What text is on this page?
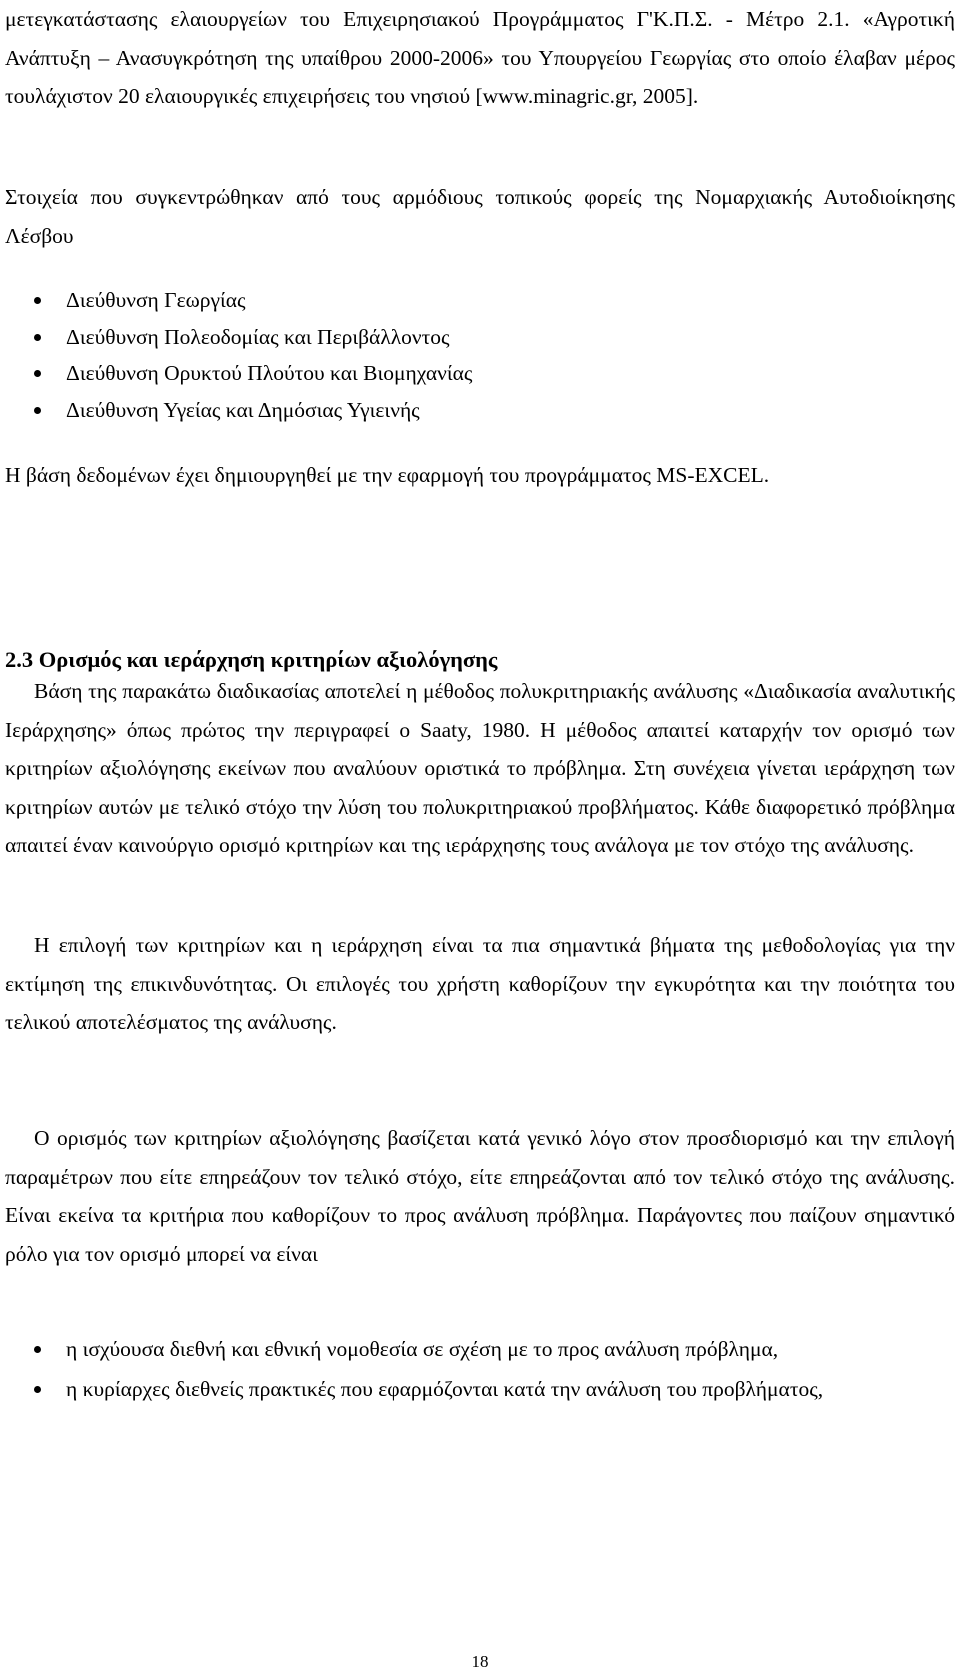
μετεγκατάστασης ελαιουργείων του Επιχειρησιακού Προγράμματος Γ'Κ.Π.Σ. - Μέτρο 2.1. «Αγροτική Ανάπτυξη – Ανασυγκρότηση της υπαίθρου 2000-2006» του Υπουργείου Γεωργίας στο οποίο έλαβαν μέρος τουλάχιστον 20 ελαιουργικές επιχειρήσεις του νησιού [www.minagric.gr, 2005].

Στοιχεία που συγκεντρώθηκαν από τους αρμόδιους τοπικούς φορείς της Νομαρχιακής Αυτοδιοίκησης Λέσβου

Διεύθυνση Γεωργίας
Διεύθυνση Πολεοδομίας και Περιβάλλοντος
Διεύθυνση Ορυκτού Πλούτου και Βιομηχανίας
Διεύθυνση Υγείας και Δημόσιας Υγιεινής

Η βάση δεδομένων έχει δημιουργηθεί με την εφαρμογή του προγράμματος MS-EXCEL.

2.3 Ορισμός και ιεράρχηση κριτηρίων αξιολόγησης

Βάση της παρακάτω διαδικασίας αποτελεί η μέθοδος πολυκριτηριακής ανάλυσης «Διαδικασία αναλυτικής Ιεράρχησης» όπως πρώτος την περιγραφεί ο Saaty, 1980. Η μέθοδος απαιτεί καταρχήν τον ορισμό των κριτηρίων αξιολόγησης εκείνων που αναλύουν οριστικά το πρόβλημα. Στη συνέχεια γίνεται ιεράρχηση των κριτηρίων αυτών με τελικό στόχο την λύση του πολυκριτηριακού προβλήματος. Κάθε διαφορετικό πρόβλημα απαιτεί έναν καινούργιο ορισμό κριτηρίων και της ιεράρχησης τους ανάλογα με τον στόχο της ανάλυσης.

Η επιλογή των κριτηρίων και η ιεράρχηση είναι τα πια σημαντικά βήματα της μεθοδολογίας για την εκτίμηση της επικινδυνότητας. Οι επιλογές του χρήστη καθορίζουν την εγκυρότητα και την ποιότητα του τελικού αποτελέσματος της ανάλυσης.

Ο ορισμός των κριτηρίων αξιολόγησης βασίζεται κατά γενικό λόγο στον προσδιορισμό και την επιλογή παραμέτρων που είτε επηρεάζουν τον τελικό στόχο, είτε επηρεάζονται από τον τελικό στόχο της ανάλυσης. Είναι εκείνα τα κριτήρια που καθορίζουν το προς ανάλυση πρόβλημα. Παράγοντες που παίζουν σημαντικό ρόλο για τον ορισμό μπορεί να είναι

η ισχύουσα διεθνή και εθνική νομοθεσία σε σχέση με το προς ανάλυση πρόβλημα,
η κυρίαρχες διεθνείς πρακτικές που εφαρμόζονται κατά την ανάλυση του προβλήματος,
18
